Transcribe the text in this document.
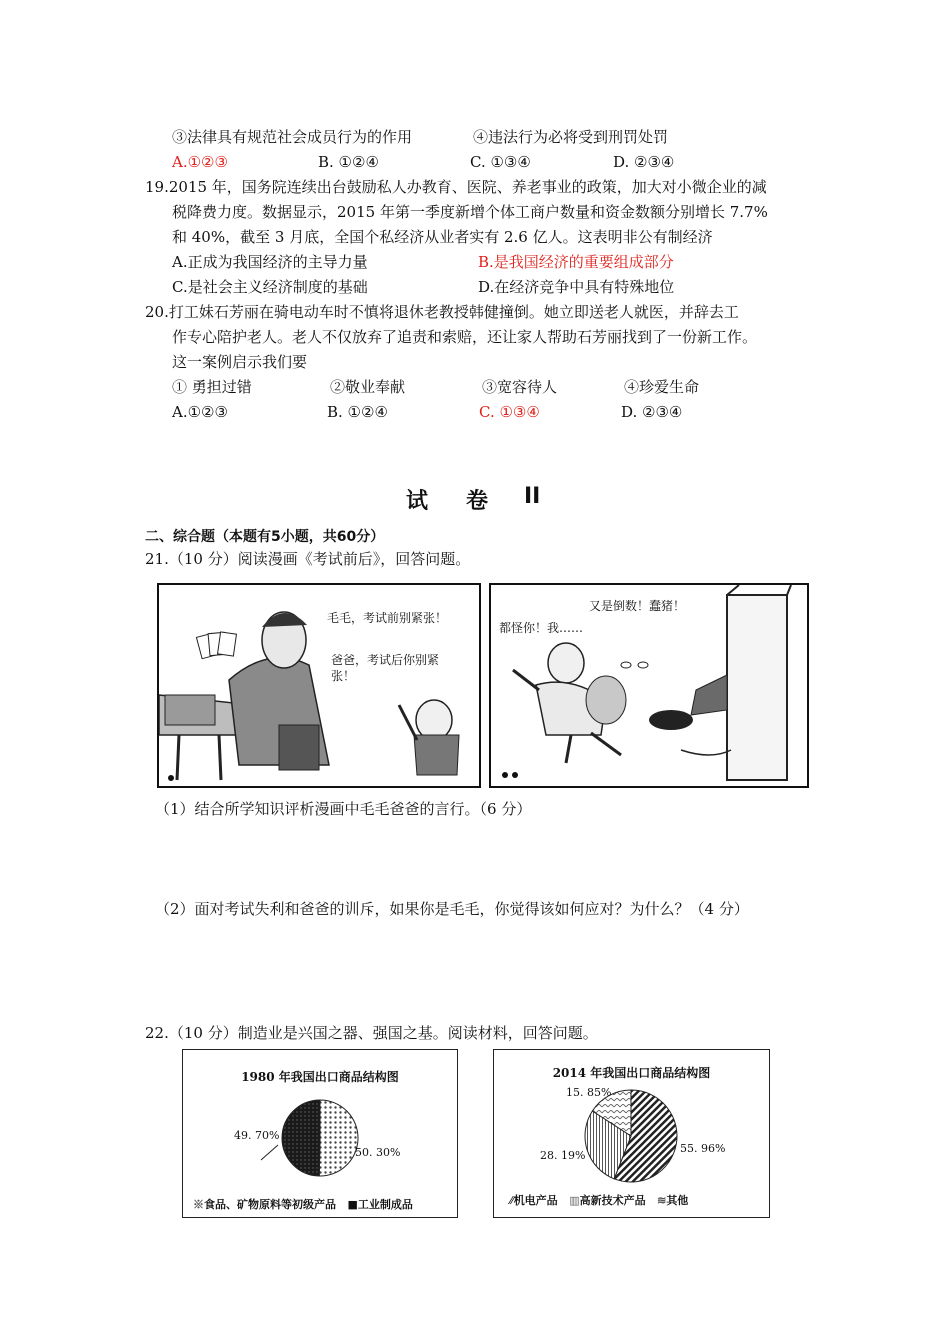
③法律具有规范社会成员行为的作用	④违法行为必将受到刑罚处罚
A.①②③	B. ①②④	C. ①③④	D. ②③④
19.2015 年，国务院连续出台鼓励私人办教育、医院、养老事业的政策，加大对小微企业的减
税降费力度。数据显示，2015 年第一季度新增个体工商户数量和资金数额分别增长 7.7%
和 40%，截至 3 月底，全国个私经济从业者实有 2.6 亿人。这表明非公有制经济
A.正成为我国经济的主导力量	B.是我国经济的重要组成部分
C.是社会主义经济制度的基础	D.在经济竞争中具有特殊地位
20.打工妹石芳丽在骑电动车时不慎将退休老教授韩健撞倒。她立即送老人就医，并辞去工
作专心陪护老人。老人不仅放弃了追责和索赔，还让家人帮助石芳丽找到了一份新工作。
这一案例启示我们要
① 勇担过错	②敬业奉献	③宽容待人	④珍爱生命
A.①②③	B. ①②④	C. ①③④	D. ②③④
试 卷 II
二、综合题（本题有5小题，共60分）
21.（10 分）阅读漫画《考试前后》，回答问题。
毛毛，考试前别紧张！
爸爸，考试后你别紧
张！
又是倒数！蠢猪！
都怪你！我……
（1）结合所学知识评析漫画中毛毛爸爸的言行。（6 分）
（2）面对考试失利和爸爸的训斥，如果你是毛毛，你觉得该如何应对？为什么？（4 分）
22.（10 分）制造业是兴国之器、强国之基。阅读材料，回答问题。
1980 年我国出口商品结构图
49. 70%
50. 30%
※食品、矿物原料等初级产品 ■工业制成品
2014 年我国出口商品结构图
15. 85%
28. 19%
55. 96%
⁄⁄机电产品 ▥高新技术产品 ≋其他
